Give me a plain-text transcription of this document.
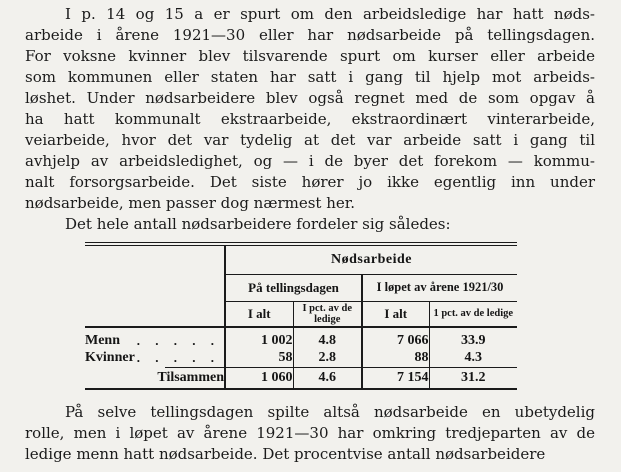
I p. 14 og 15 a er spurt om den arbeidsledige har hatt nøds-
arbeide i årene 1921—30 eller har nødsarbeide på tellingsdagen.
For voksne kvinner blev tilsvarende spurt om kurser eller arbeide
som kommunen eller staten har satt i gang til hjelp mot arbeids-
løshet. Under nødsarbeidere blev også regnet med de som opgav å
ha hatt kommunalt ekstraarbeide, ekstraordinært vinterarbeide,
veiarbeide, hvor det var tydelig at det var arbeide satt i gang til
avhjelp av arbeidsledighet, og — i de byer det forekom — kommu-
nalt forsorgsarbeide. Det siste hører jo ikke egentlig inn under
nødsarbeide, men passer dog nærmest her.
Det hele antall nødsarbeidere fordeler sig således:
	Nødsarbeide			
	På tellingsdagen		I løpet av årene 1921/30	
	I alt	I pct. av de ledige	I alt	1 pct. av de ledige

Menn . . . . .	1 002	4.8	7 066	33.9

Kvinner . . . . .	58	2.8	88	4.3
Tilsammen	1 060	4.6	7 154	31.2
På selve tellingsdagen spilte altså nødsarbeide en ubetydelig
rolle, men i løpet av årene 1921—30 har omkring tredjeparten av de
ledige menn hatt nødsarbeide. Det procentvise antall nødsarbeidere
